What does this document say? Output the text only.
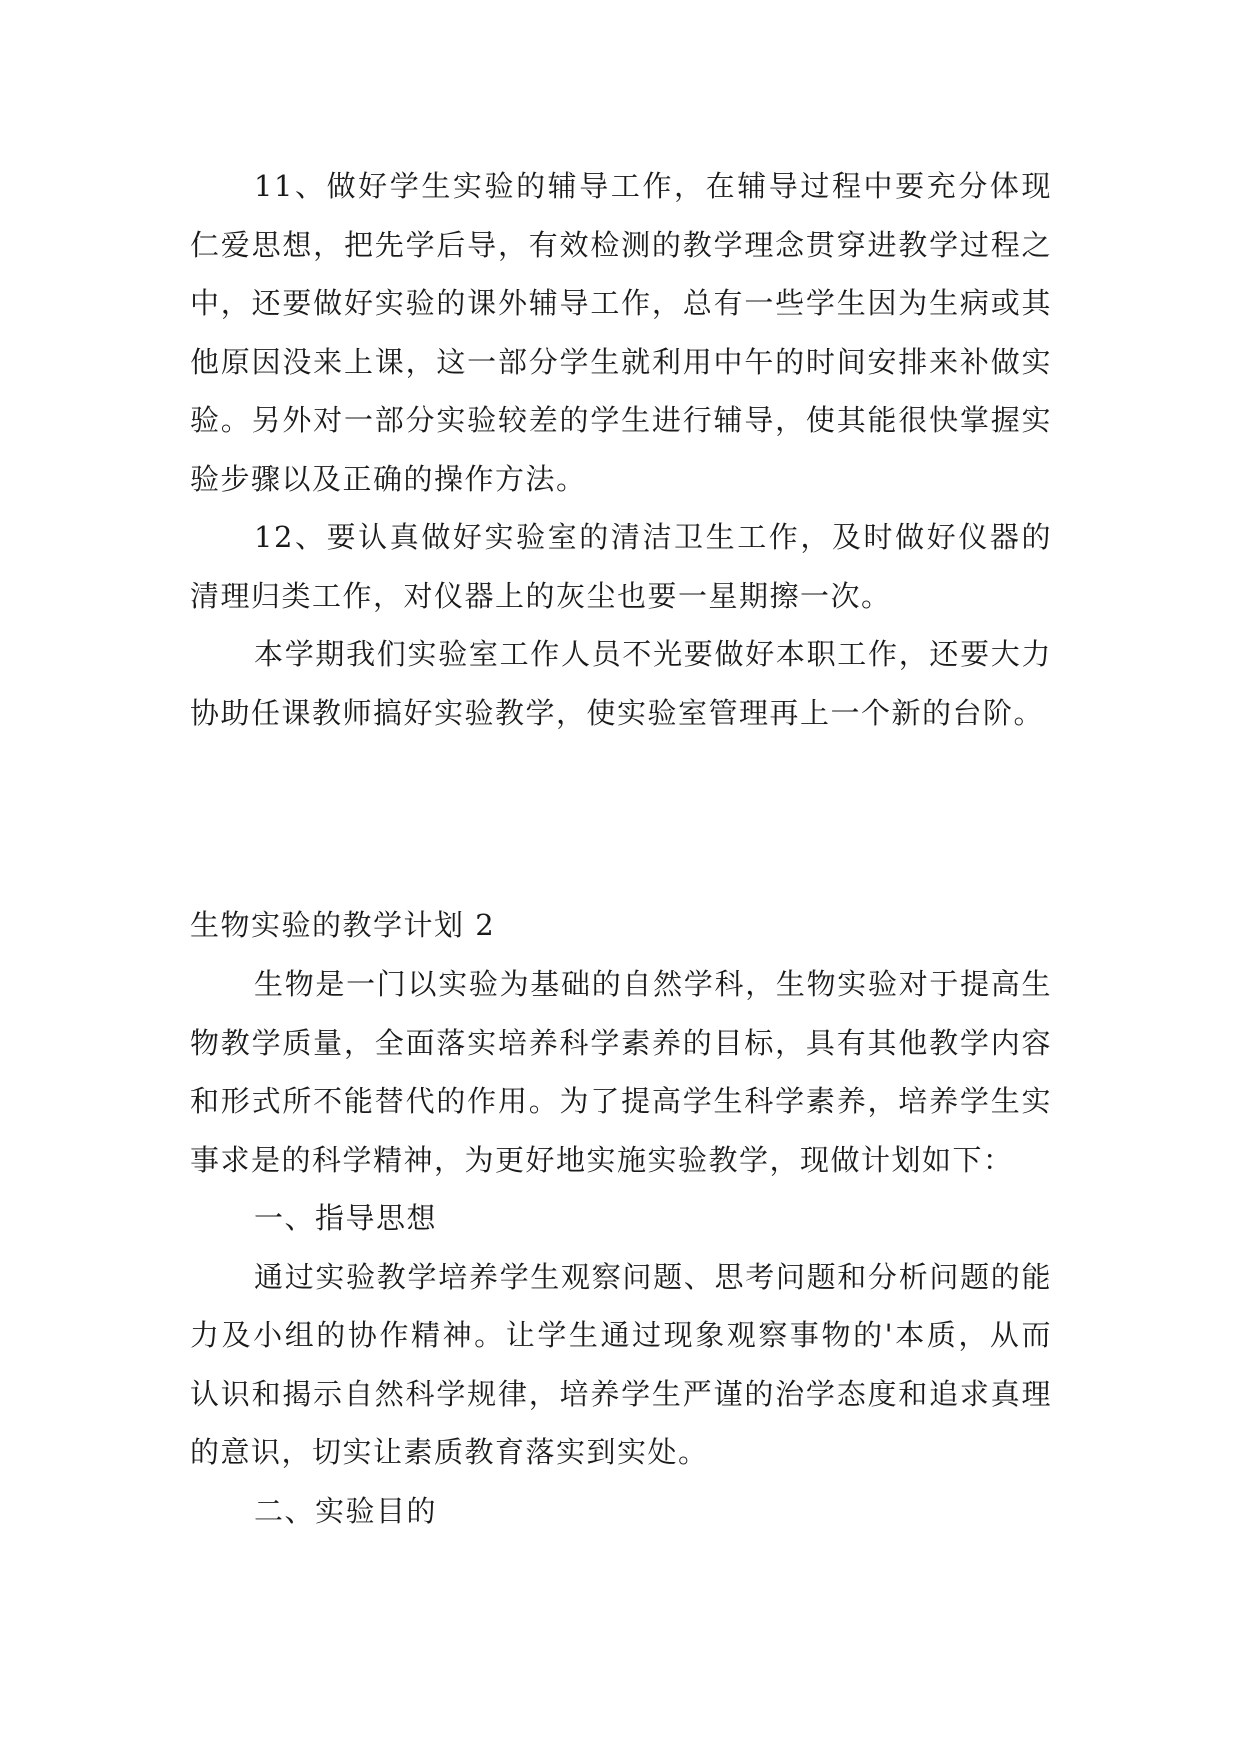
11、做好学生实验的辅导工作，在辅导过程中要充分体现仁爱思想，把先学后导，有效检测的教学理念贯穿进教学过程之中，还要做好实验的课外辅导工作，总有一些学生因为生病或其他原因没来上课，这一部分学生就利用中午的时间安排来补做实验。另外对一部分实验较差的学生进行辅导，使其能很快掌握实验步骤以及正确的操作方法。

12、要认真做好实验室的清洁卫生工作，及时做好仪器的清理归类工作，对仪器上的灰尘也要一星期擦一次。

本学期我们实验室工作人员不光要做好本职工作，还要大力协助任课教师搞好实验教学，使实验室管理再上一个新的台阶。

生物实验的教学计划 2

生物是一门以实验为基础的自然学科，生物实验对于提高生物教学质量，全面落实培养科学素养的目标，具有其他教学内容和形式所不能替代的作用。为了提高学生科学素养，培养学生实事求是的科学精神，为更好地实施实验教学，现做计划如下：

一、指导思想

通过实验教学培养学生观察问题、思考问题和分析问题的能力及小组的协作精神。让学生通过现象观察事物的'本质，从而认识和揭示自然科学规律，培养学生严谨的治学态度和追求真理的意识，切实让素质教育落实到实处。

二、实验目的
